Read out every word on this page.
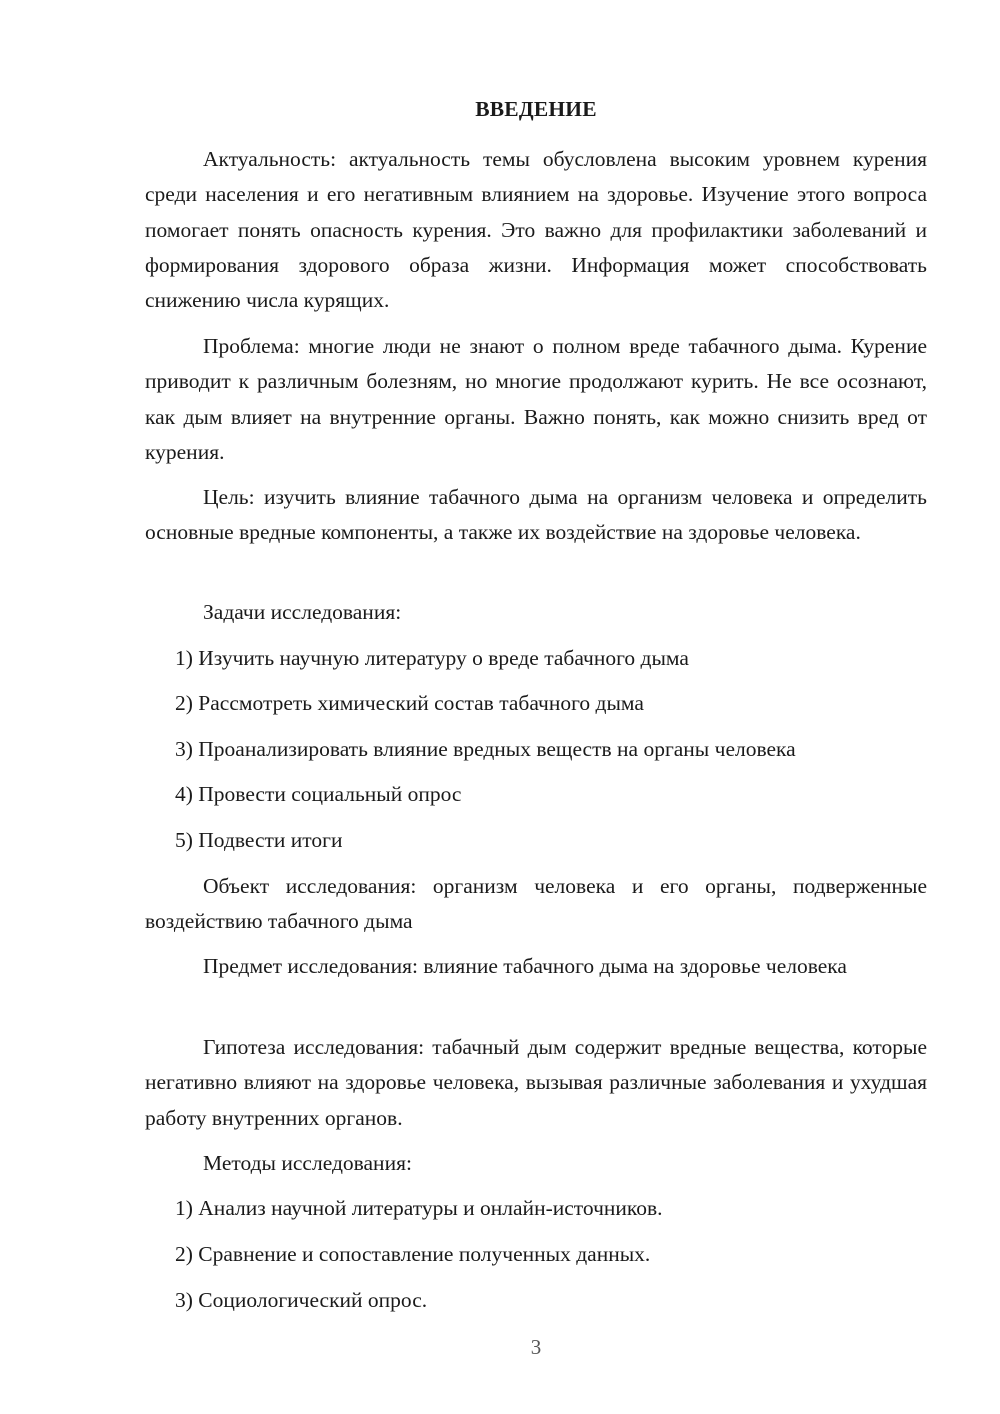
ВВЕДЕНИЕ

Актуальность: актуальность темы обусловлена высоким уровнем курения среди населения и его негативным влиянием на здоровье. Изучение этого вопроса помогает понять опасность курения. Это важно для профилактики заболеваний и формирования здорового образа жизни. Информация может способствовать снижению числа курящих.

Проблема: многие люди не знают о полном вреде табачного дыма. Курение приводит к различным болезням, но многие продолжают курить. Не все осознают, как дым влияет на внутренние органы. Важно понять, как можно снизить вред от курения.

Цель: изучить влияние табачного дыма на организм человека и определить основные вредные компоненты, а также их воздействие на здоровье человека.

Задачи исследования:

1) Изучить научную литературу о вреде табачного дыма

2) Рассмотреть химический состав табачного дыма

3) Проанализировать влияние вредных веществ на органы человека

4) Провести социальный опрос

5) Подвести итоги

Объект исследования: организм человека и его органы, подверженные воздействию табачного дыма

Предмет исследования: влияние табачного дыма на здоровье человека

Гипотеза исследования: табачный дым содержит вредные вещества, которые негативно влияют на здоровье человека, вызывая различные заболевания и ухудшая работу внутренних органов.

Методы исследования:

1) Анализ научной литературы и онлайн-источников.

2) Сравнение и сопоставление полученных данных.

3) Социологический опрос.

3
